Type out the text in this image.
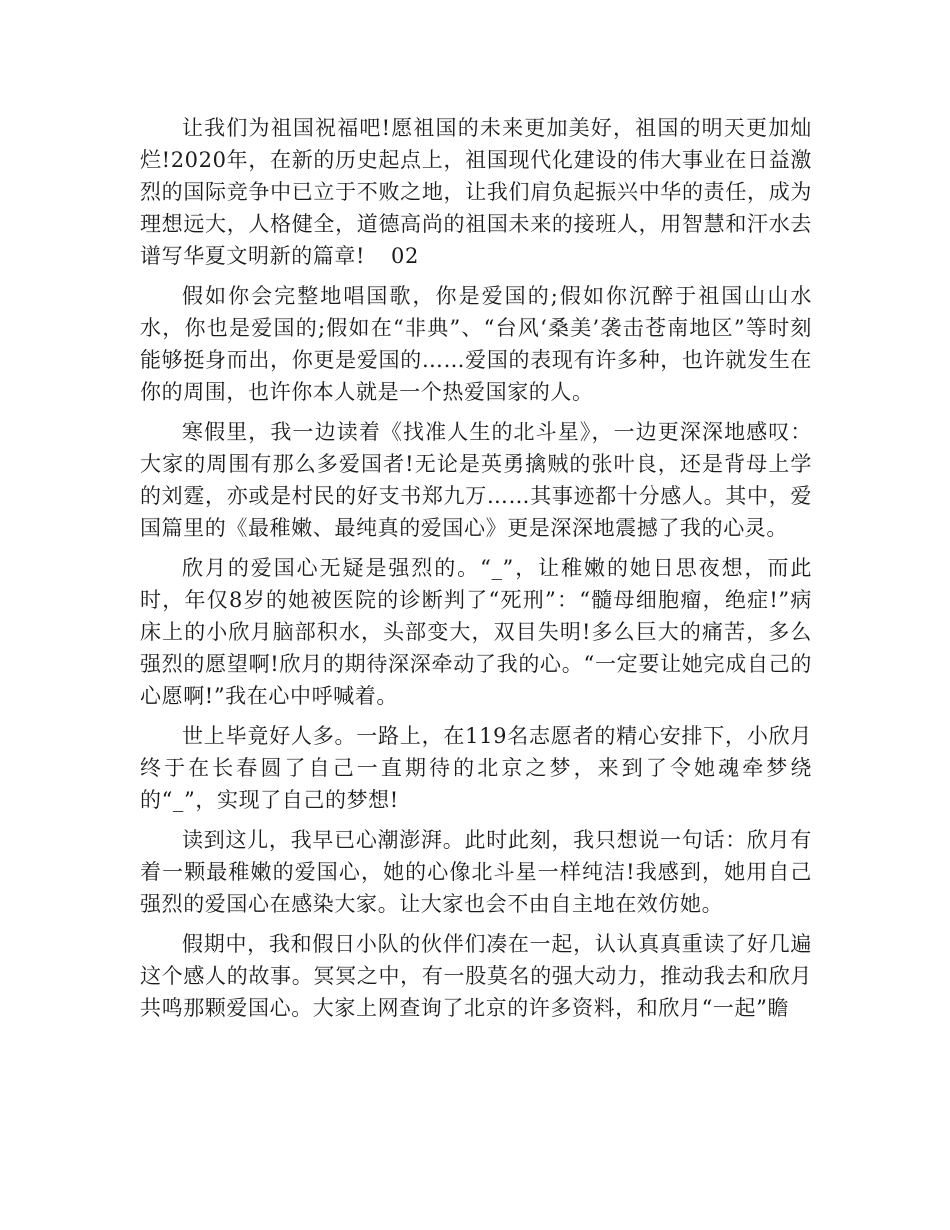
让我们为祖国祝福吧!愿祖国的未来更加美好，祖国的明天更加灿烂!2020年，在新的历史起点上，祖国现代化建设的伟大事业在日益激烈的国际竞争中已立于不败之地，让我们肩负起振兴中华的责任，成为理想远大，人格健全，道德高尚的祖国未来的接班人，用智慧和汗水去谱写华夏文明新的篇章! 02

假如你会完整地唱国歌，你是爱国的;假如你沉醉于祖国山山水水，你也是爱国的;假如在“非典”、“台风‘桑美’袭击苍南地区”等时刻能够挺身而出，你更是爱国的……爱国的表现有许多种，也许就发生在你的周围，也许你本人就是一个热爱国家的人。

寒假里，我一边读着《找准人生的北斗星》，一边更深深地感叹：大家的周围有那么多爱国者!无论是英勇擒贼的张叶良，还是背母上学的刘霆，亦或是村民的好支书郑九万……其事迹都十分感人。其中，爱国篇里的《最稚嫩、最纯真的爱国心》更是深深地震撼了我的心灵。

欣月的爱国心无疑是强烈的。“_”，让稚嫩的她日思夜想，而此时，年仅8岁的她被医院的诊断判了“死刑”：“髓母细胞瘤，绝症!”病床上的小欣月脑部积水，头部变大，双目失明!多么巨大的痛苦，多么强烈的愿望啊!欣月的期待深深牵动了我的心。“一定要让她完成自己的心愿啊!”我在心中呼喊着。

世上毕竟好人多。一路上，在119名志愿者的精心安排下，小欣月终于在长春圆了自己一直期待的北京之梦，来到了令她魂牵梦绕的“_”，实现了自己的梦想!

读到这儿，我早已心潮澎湃。此时此刻，我只想说一句话：欣月有着一颗最稚嫩的爱国心，她的心像北斗星一样纯洁!我感到，她用自己强烈的爱国心在感染大家。让大家也会不由自主地在效仿她。

假期中，我和假日小队的伙伴们凑在一起，认认真真重读了好几遍这个感人的故事。冥冥之中，有一股莫名的强大动力，推动我去和欣月共鸣那颗爱国心。大家上网查询了北京的许多资料，和欣月“一起”瞻
